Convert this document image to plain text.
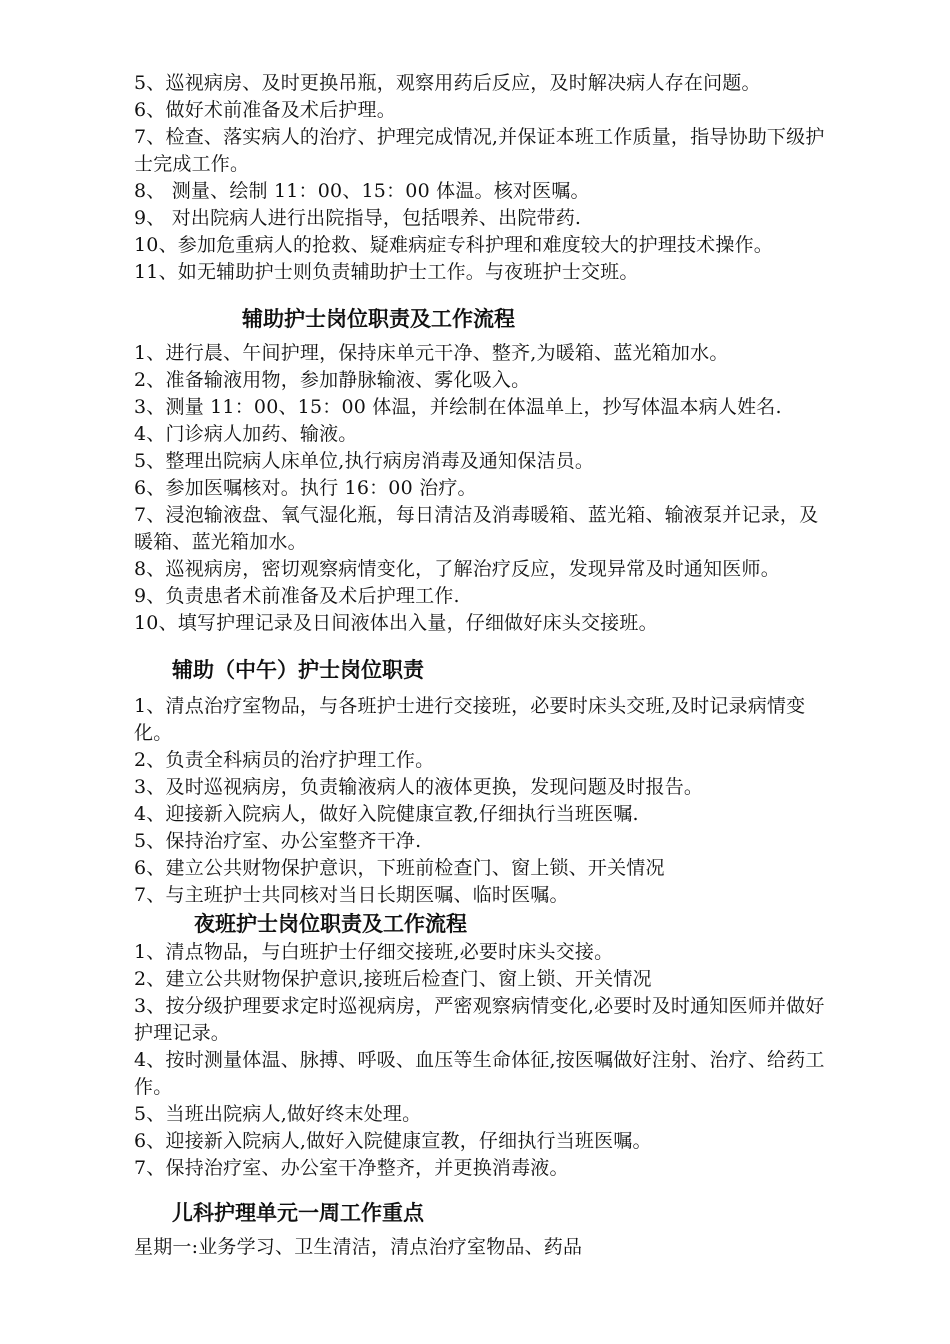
5、巡视病房、及时更换吊瓶，观察用药后反应，及时解决病人存在问题。

6、做好术前准备及术后护理。

7、检查、落实病人的治疗、护理完成情况,并保证本班工作质量，指导协助下级护士完成工作。

8、 测量、绘制 11：00、15：00 体温。核对医嘱。

9、 对出院病人进行出院指导，包括喂养、出院带药.

10、参加危重病人的抢救、疑难病症专科护理和难度较大的护理技术操作。

11、如无辅助护士则负责辅助护士工作。与夜班护士交班。

辅助护士岗位职责及工作流程

1、进行晨、午间护理，保持床单元干净、整齐,为暖箱、蓝光箱加水。

2、准备输液用物，参加静脉输液、雾化吸入。

3、测量 11：00、15：00 体温，并绘制在体温单上，抄写体温本病人姓名.

4、门诊病人加药、输液。

5、整理出院病人床单位,执行病房消毒及通知保洁员。

6、参加医嘱核对。执行 16：00 治疗。

7、浸泡输液盘、氧气湿化瓶，每日清洁及消毒暖箱、蓝光箱、输液泵并记录，及暖箱、蓝光箱加水。

8、巡视病房，密切观察病情变化，了解治疗反应，发现异常及时通知医师。

9、负责患者术前准备及术后护理工作.

10、填写护理记录及日间液体出入量，仔细做好床头交接班。

辅助（中午）护士岗位职责

1、清点治疗室物品，与各班护士进行交接班，必要时床头交班,及时记录病情变化。

2、负责全科病员的治疗护理工作。

3、及时巡视病房，负责输液病人的液体更换，发现问题及时报告。

4、迎接新入院病人，做好入院健康宣教,仔细执行当班医嘱.

5、保持治疗室、办公室整齐干净.

6、建立公共财物保护意识，下班前检查门、窗上锁、开关情况

7、与主班护士共同核对当日长期医嘱、临时医嘱。

夜班护士岗位职责及工作流程

1、清点物品，与白班护士仔细交接班,必要时床头交接。

2、建立公共财物保护意识,接班后检查门、窗上锁、开关情况

3、按分级护理要求定时巡视病房，严密观察病情变化,必要时及时通知医师并做好护理记录。

4、按时测量体温、脉搏、呼吸、血压等生命体征,按医嘱做好注射、治疗、给药工作。

5、当班出院病人,做好终末处理。

6、迎接新入院病人,做好入院健康宣教，仔细执行当班医嘱。

7、保持治疗室、办公室干净整齐，并更换消毒液。

儿科护理单元一周工作重点

星期一:业务学习、卫生清洁，清点治疗室物品、药品
